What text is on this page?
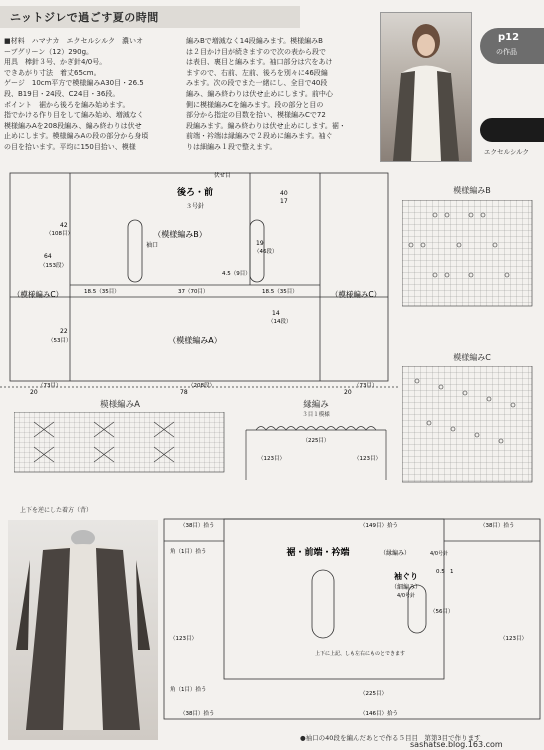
ニットジレで過ごす夏の時間

■材料　ハマナカ　エクセルシルク　濃いオ

ーブグリーン（12）290g。

用具　棒針３号、かぎ針4/0号。

できあがり寸法　着丈65cm。

ゲージ　10cm平方で模様編みA30目・26.5

段、B19目・24段、C24目・36段。

ポイント　裾から後ろを編み始めます。

指でかける作り目をして編み始め、増減なく

模様編みAを208段編み、編み終わりは伏せ

止めにします。模様編みAの段の部分から身頃

の目を拾います。平均に150目拾い、模様

編みBで増減なく14段編みます。模様編みB

は２目かけ目が続きますので次の表から段で

は表目、裏目と編みます。袖口部分は穴をあけ

ますので、右前、左前、後ろを別々に46段編

みます。次の段でまた一緒にし、全目で40段

編み、編み終わりは伏せ止めにします。前中心

側に模様編みCを編みます。段の部分と目の

部分から指定の目数を拾い、模様編みCで72

段編みます。編み終わりは伏せ止めにします。裾・

前端・衿端は縁編みで２段めに編みます。袖ぐ

りは細編み１段で整えます。

p12
の作品
エクセルシルク
後ろ・前
３号針
（模様編みB）
（模様編みA）
（模様編みC）	（模様編みC）
袖口
伏せ目
40
17
42
（108目）
64
（153段）
22
（53目）
18.5（35目）	37（70目）	18.5（35目）
4.5（9目）
14
（14段）
19
（46段）
20
（73目）
78
（208段）
20
（73目）
模様編みB
模様編みC
模様編みA	縁編み
３目１模様
（225目）
（123目）	（123目）
上下を逆にした着方（背）
（38目）拾う	（149目）拾う	（38目）拾う
角（1目）拾う	裾・前端・衿端	（縁編み）	4/0号針
袖ぐり
（細編み）
4/0号針
（56目）
0.5 1
（123目）	（123目）
上下に上記、しも左右にものとできます
角（1目）拾う
（225目）
（38目）拾う	（146目）拾う
●袖口の40段を編んだあとで作る５目目　第第3目で作ります
sashatse.blog.163.com
